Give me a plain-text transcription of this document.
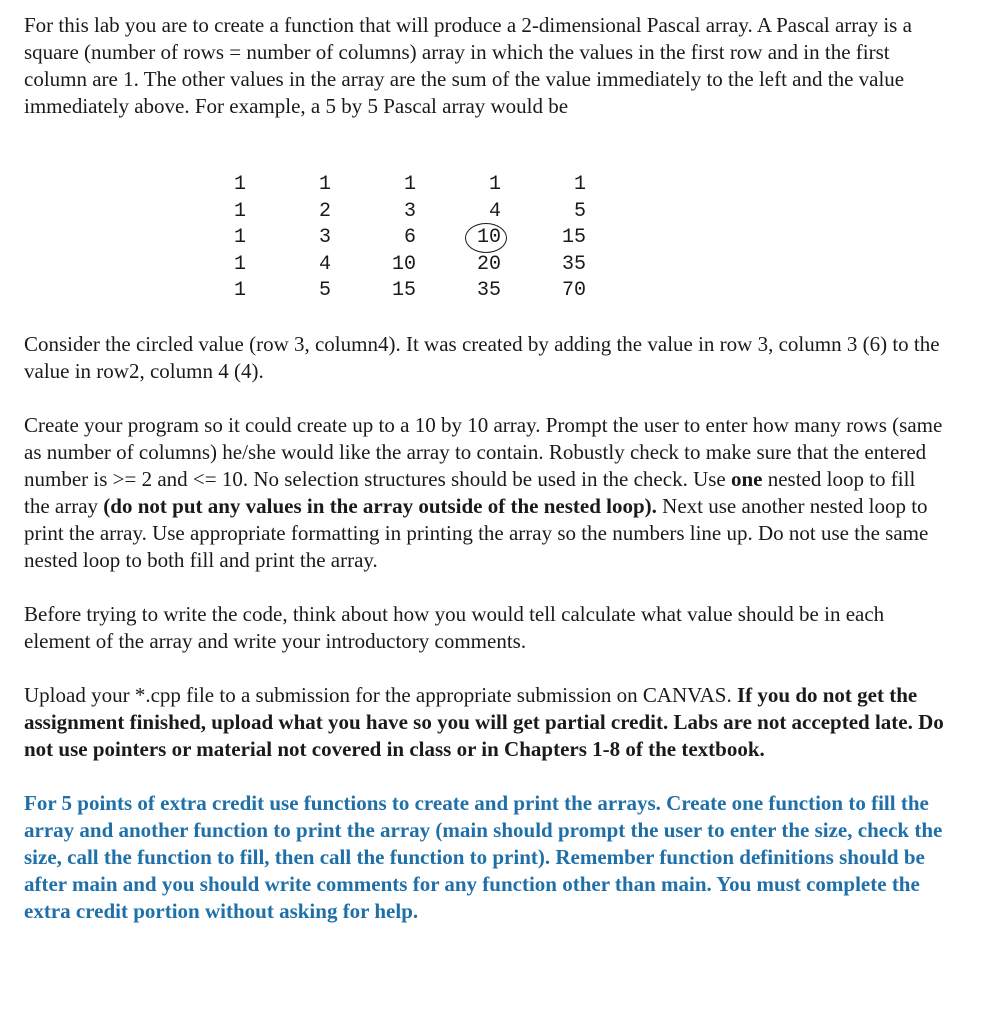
For this lab you are to create a function that will produce a 2-dimensional Pascal array. A Pascal array is a square (number of rows = number of columns) array in which the values in the first row and in the first column are 1. The other values in the array are the sum of the value immediately to the left and the value immediately above. For example, a 5 by 5 Pascal array would be

Consider the circled value (row 3, column4). It was created by adding the value in row 3, column 3 (6) to the value in row2, column 4 (4).

Create your program so it could create up to a 10 by 10 array. Prompt the user to enter how many rows (same as number of columns) he/she would like the array to contain. Robustly check to make sure that the entered number is >= 2 and <= 10. No selection structures should be used in the check. Use one nested loop to fill the array (do not put any values in the array outside of the nested loop). Next use another nested loop to print the array. Use appropriate formatting in printing the array so the numbers line up. Do not use the same nested loop to both fill and print the array.

Before trying to write the code, think about how you would tell calculate what value should be in each element of the array and write your introductory comments.

Upload your *.cpp file to a submission for the appropriate submission on CANVAS. If you do not get the assignment finished, upload what you have so you will get partial credit. Labs are not accepted late. Do not use pointers or material not covered in class or in Chapters 1-8 of the textbook.

For 5 points of extra credit use functions to create and print the arrays. Create one function to fill the array and another function to print the array (main should prompt the user to enter the size, check the size, call the function to fill, then call the function to print). Remember function definitions should be after main and you should write comments for any function other than main. You must complete the extra credit portion without asking for help.

1	1	1	1	1
1	2	3	4	5
1	3	6	10	15
1	4	10	20	35
1	5	15	35	70
